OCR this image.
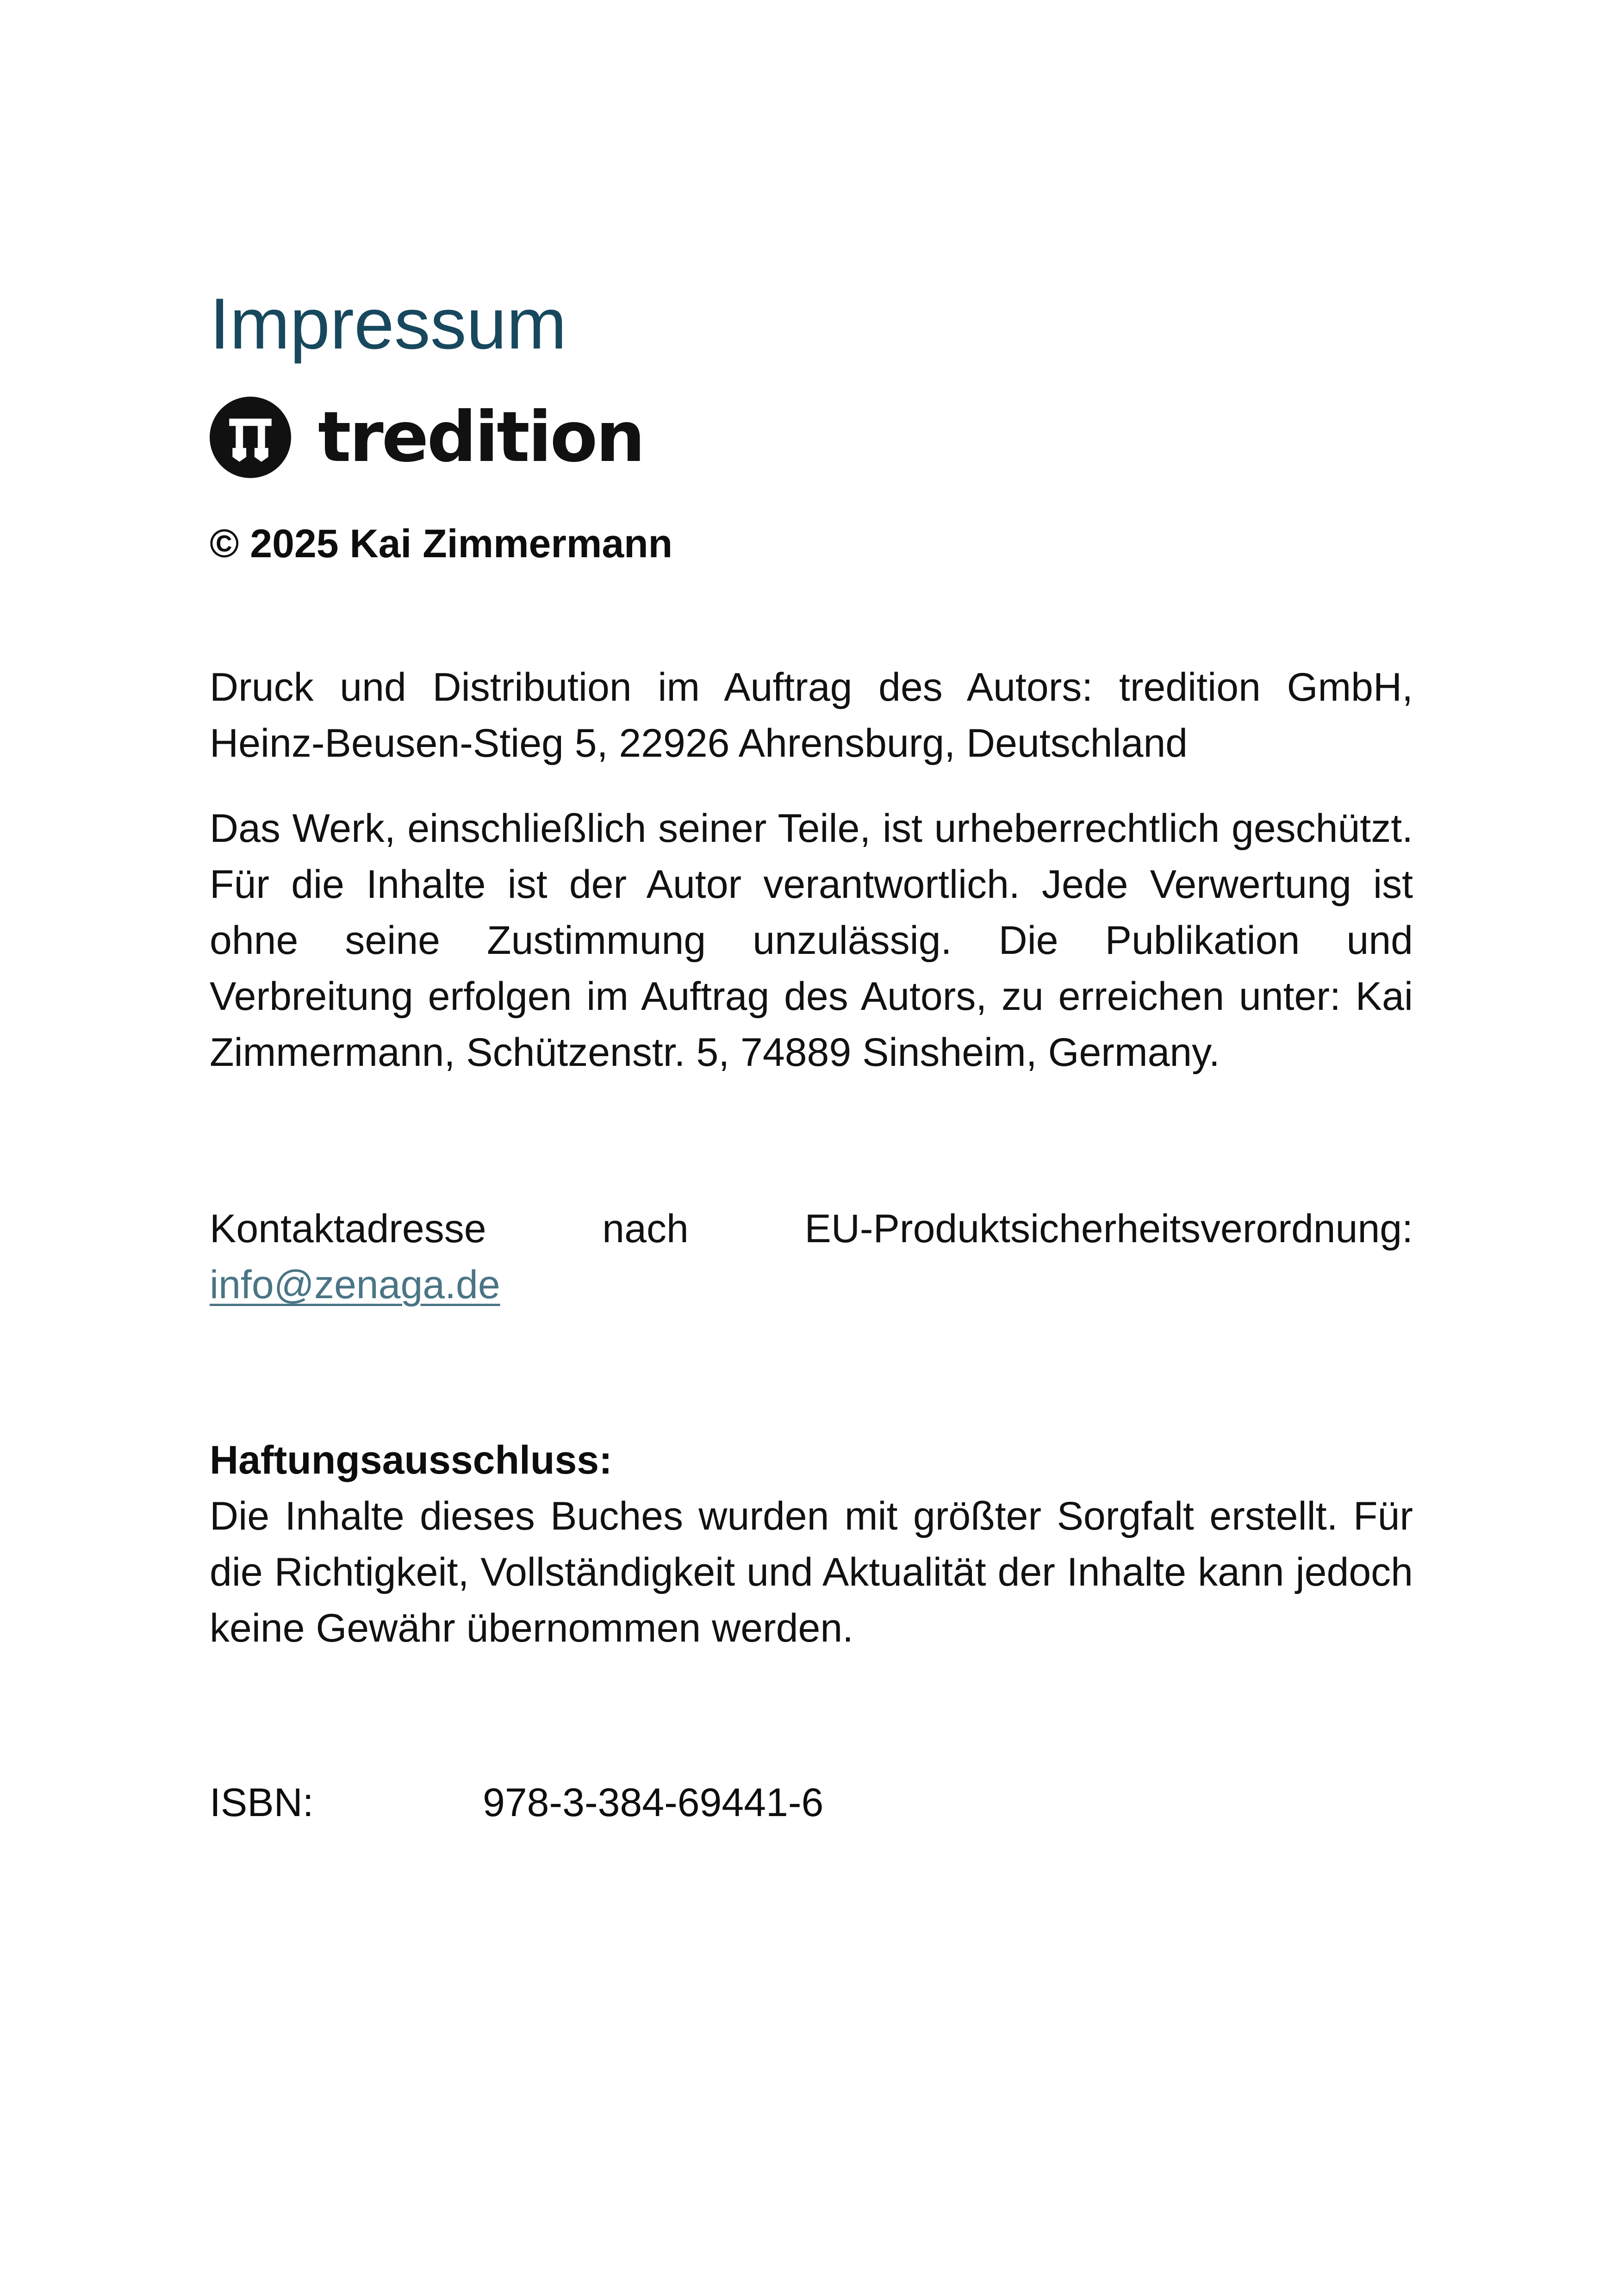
Impressum
tredition

© 2025 Kai Zimmermann

Druck und Distribution im Auftrag des Autors: tredition GmbH, Heinz-Beusen-Stieg 5, 22926 Ahrensburg, Deutschland

Das Werk, einschließlich seiner Teile, ist urheberrechtlich geschützt. Für die Inhalte ist der Autor verantwortlich. Jede Verwertung ist ohne seine Zustimmung unzulässig. Die Publikation und Verbreitung erfolgen im Auftrag des Autors, zu erreichen unter: Kai Zimmermann, Schützenstr. 5, 74889 Sinsheim, Germany.

Kontaktadresse	nach	EU-Produktsicherheitsverordnung:
info@zenaga.de

Haftungsausschluss:

Die Inhalte dieses Buches wurden mit größter Sorgfalt erstellt. Für die Richtigkeit, Vollständigkeit und Aktualität der Inhalte kann jedoch keine Gewähr übernommen werden.

ISBN:	978-3-384-69441-6
